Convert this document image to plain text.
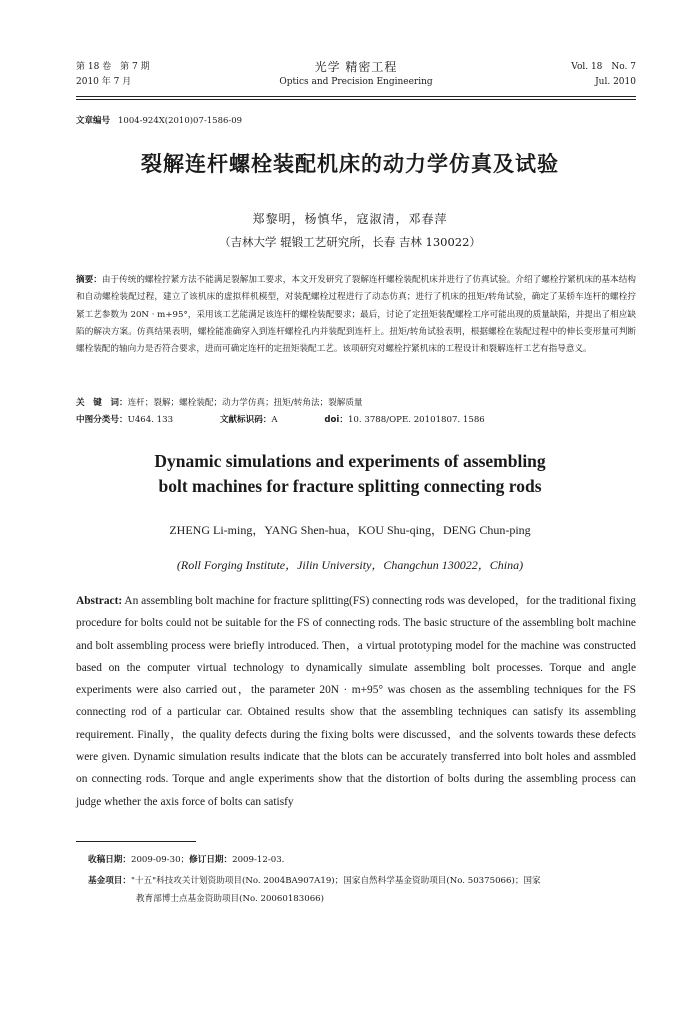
第 18 卷　第 7 期
2010 年 7 月
光学 精密工程
Optics and Precision Engineering
Vol. 18　No. 7
Jul. 2010
文章编号 1004-924X(2010)07-1586-09
裂解连杆螺栓装配机床的动力学仿真及试验
郑黎明，杨慎华，寇淑清，邓春萍
（吉林大学 辊锻工艺研究所，长春 吉林 130022）
摘要：由于传统的螺栓拧紧方法不能满足裂解加工要求，本文开发研究了裂解连杆螺栓装配机床并进行了仿真试验。介绍了螺栓拧紧机床的基本结构和自动螺栓装配过程，建立了该机床的虚拟样机模型，对装配螺栓过程进行了动态仿真；进行了机床的扭矩/转角试验，确定了某轿车连杆的螺栓拧紧工艺参数为 20N · m+95°，采用该工艺能满足该连杆的螺栓装配要求；最后，讨论了定扭矩装配螺栓工序可能出现的质量缺陷，并提出了相应缺陷的解决方案。仿真结果表明，螺栓能准确穿入到连杆螺栓孔内并装配到连杆上。扭矩/转角试验表明，根据螺栓在装配过程中的伸长变形量可判断螺栓装配的轴向力是否符合要求，进而可确定连杆的定扭矩装配工艺。该项研究对螺栓拧紧机床的工程设计和裂解连杆工艺有指导意义。
关　键　词：连杆；裂解；螺栓装配；动力学仿真；扭矩/转角法；裂解质量
中图分类号：U464. 133	文献标识码：A	doi：10. 3788/OPE. 20101807. 1586
Dynamic simulations and experiments of assembling
bolt machines for fracture splitting connecting rods
ZHENG Li-ming，YANG Shen-hua，KOU Shu-qing，DENG Chun-ping
(Roll Forging Institute，Jilin University，Changchun 130022，China)
Abstract: An assembling bolt machine for fracture splitting(FS) connecting rods was developed，for the traditional fixing procedure for bolts could not be suitable for the FS of connecting rods. The basic structure of the assembling bolt machine and bolt assembling process were briefly introduced. Then，a virtual prototyping model for the machine was constructed based on the computer virtual technology to dynamically simulate assembling bolt processes. Torque and angle experiments were also carried out，the parameter 20N · m+95° was chosen as the assembling techniques for the FS connecting rod of a particular car. Obtained results show that the assembling techniques can satisfy its assembling requirement. Finally，the quality defects during the fixing bolts were discussed，and the solvents towards these defects were given. Dynamic simulation results indicate that the blots can be accurately transferred into bolt holes and assmbled on connecting rods. Torque and angle experiments show that the distortion of bolts during the assembling process can judge whether the axis force of bolts can satisfy
收稿日期：2009-09-30；修订日期：2009-12-03.
基金项目："十五"科技攻关计划资助项目(No. 2004BA907A19)；国家自然科学基金资助项目(No. 50375066)；国家
教育部博士点基金资助项目(No. 20060183066)
